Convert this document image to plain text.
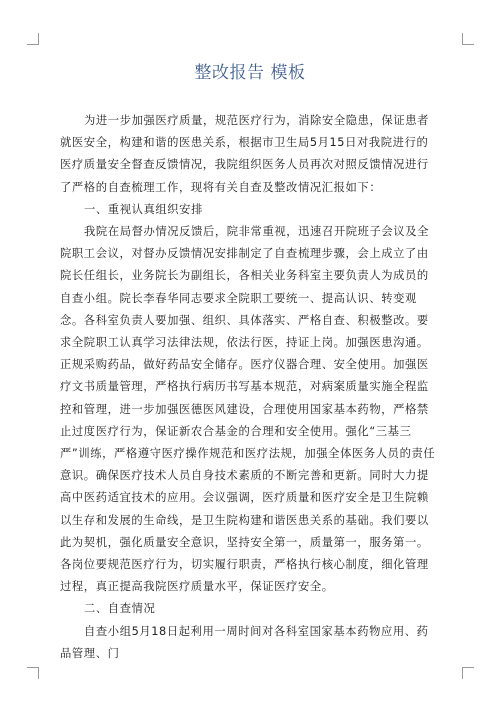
整改报告 模板

为进一步加强医疗质量，规范医疗行为，消除安全隐患，保证患者就医安全，构建和谐的医患关系，根据市卫生局5月15日对我院进行的医疗质量安全督查反馈情况，我院组织医务人员再次对照反馈情况进行了严格的自查梳理工作，现将有关自查及整改情况汇报如下：

一、重视认真组织安排

我院在局督办情况反馈后，院非常重视，迅速召开院班子会议及全院职工会议，对督办反馈情况安排制定了自查梳理步骤，会上成立了由院长任组长，业务院长为副组长，各相关业务科室主要负责人为成员的自查小组。院长李春华同志要求全院职工要统一、提高认识、转变观念。各科室负责人要加强、组织、具体落实、严格自查、积极整改。要求全院职工认真学习法律法规，依法行医，持证上岗。加强医患沟通。正规采购药品，做好药品安全储存。医疗仪器合理、安全使用。加强医疗文书质量管理，严格执行病历书写基本规范，对病案质量实施全程监控和管理，进一步加强医德医风建设，合理使用国家基本药物，严格禁止过度医疗行为，保证新农合基金的合理和安全使用。强化“三基三严”训练，严格遵守医疗操作规范和医疗法规，加强全体医务人员的责任意识。确保医疗技术人员自身技术素质的不断完善和更新。同时大力提高中医药适宜技术的应用。会议强调，医疗质量和医疗安全是卫生院赖以生存和发展的生命线，是卫生院构建和谐医患关系的基础。我们要以此为契机，强化质量安全意识，坚持安全第一，质量第一，服务第一。各岗位要规范医疗行为，切实履行职责，严格执行核心制度，细化管理过程，真正提高我院医疗质量水平，保证医疗安全。

二、自查情况

自查小组5月18日起利用一周时间对各科室国家基本药物应用、药品管理、门
